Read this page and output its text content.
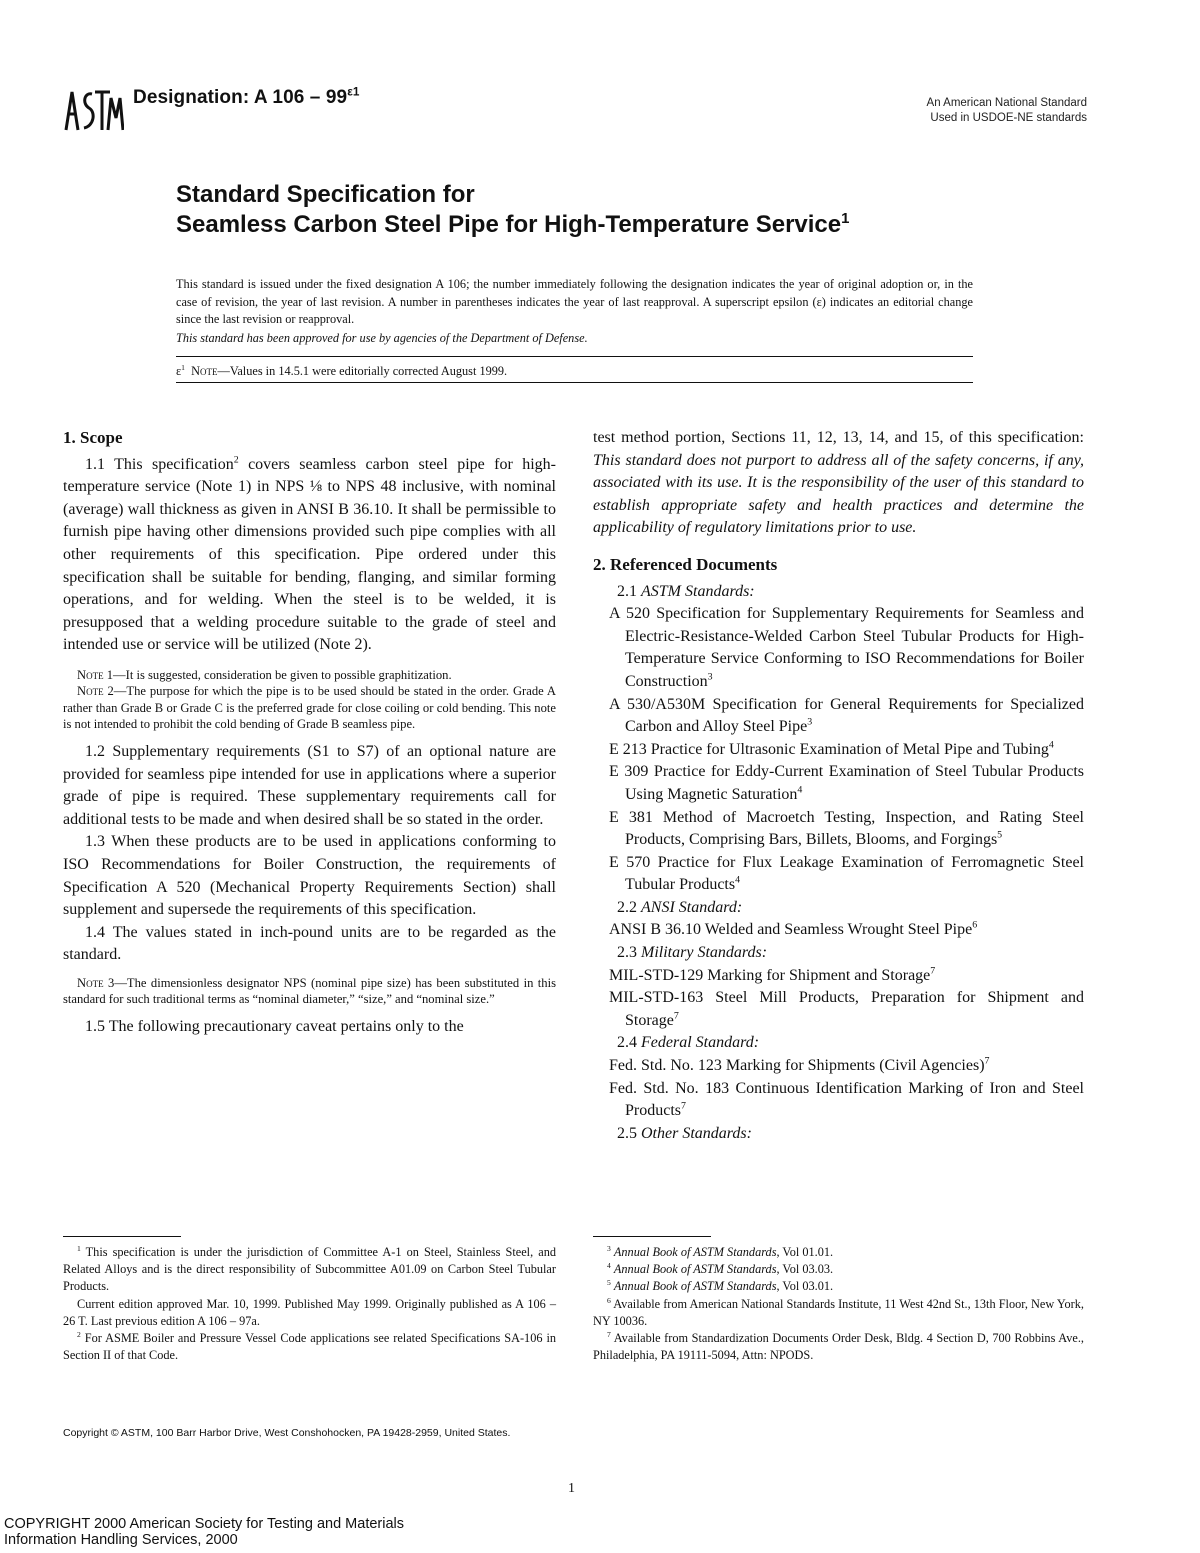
Designation: A $106 - 99^{\varepsilon 1}$
An American National Standard
Used in USDOE-NE standards
Standard Specification for
Seamless Carbon Steel Pipe for High-Temperature Service$^1$

This standard is issued under the fixed designation A 106; the number immediately following the designation indicates the year of original adoption or, in the case of revision, the year of last revision. A number in parentheses indicates the year of last reapproval. A superscript epsilon (ε) indicates an editorial change since the last revision or reapproval.

This standard has been approved for use by agencies of the Department of Defense.
$\varepsilon^1$ Note—Values in 14.5.1 were editorially corrected August 1999.

1. Scope

1.1 This specification$^2$ covers seamless carbon steel pipe for high-temperature service (Note 1) in NPS ⅛ to NPS 48 inclusive, with nominal (average) wall thickness as given in ANSI B 36.10. It shall be permissible to furnish pipe having other dimensions provided such pipe complies with all other requirements of this specification. Pipe ordered under this specification shall be suitable for bending, flanging, and similar forming operations, and for welding. When the steel is to be welded, it is presupposed that a welding procedure suitable to the grade of steel and intended use or service will be utilized (Note 2).

Note 1—It is suggested, consideration be given to possible graphitization.

Note 2—The purpose for which the pipe is to be used should be stated in the order. Grade A rather than Grade B or Grade C is the preferred grade for close coiling or cold bending. This note is not intended to prohibit the cold bending of Grade B seamless pipe.

1.2 Supplementary requirements (S1 to S7) of an optional nature are provided for seamless pipe intended for use in applications where a superior grade of pipe is required. These supplementary requirements call for additional tests to be made and when desired shall be so stated in the order.

1.3 When these products are to be used in applications conforming to ISO Recommendations for Boiler Construction, the requirements of Specification A 520 (Mechanical Property Requirements Section) shall supplement and supersede the requirements of this specification.

1.4 The values stated in inch-pound units are to be regarded as the standard.

Note 3—The dimensionless designator NPS (nominal pipe size) has been substituted in this standard for such traditional terms as “nominal diameter,” “size,” and “nominal size.”

1.5 The following precautionary caveat pertains only to the

$^1$ This specification is under the jurisdiction of Committee A-1 on Steel, Stainless Steel, and Related Alloys and is the direct responsibility of Subcommittee A01.09 on Carbon Steel Tubular Products.

Current edition approved Mar. 10, 1999. Published May 1999. Originally published as A 106 – 26 T. Last previous edition A 106 – 97a.

$^2$ For ASME Boiler and Pressure Vessel Code applications see related Specifications SA-106 in Section II of that Code.

test method portion, Sections 11, 12, 13, 14, and 15, of this specification: This standard does not purport to address all of the safety concerns, if any, associated with its use. It is the responsibility of the user of this standard to establish appropriate safety and health practices and determine the applicability of regulatory limitations prior to use.

2. Referenced Documents

2.1 ASTM Standards:

A 520 Specification for Supplementary Requirements for Seamless and Electric-Resistance-Welded Carbon Steel Tubular Products for High-Temperature Service Conforming to ISO Recommendations for Boiler Construction$^3$

A 530/A530M Specification for General Requirements for Specialized Carbon and Alloy Steel Pipe$^3$

E 213 Practice for Ultrasonic Examination of Metal Pipe and Tubing$^4$

E 309 Practice for Eddy-Current Examination of Steel Tubular Products Using Magnetic Saturation$^4$

E 381 Method of Macroetch Testing, Inspection, and Rating Steel Products, Comprising Bars, Billets, Blooms, and Forgings$^5$

E 570 Practice for Flux Leakage Examination of Ferromagnetic Steel Tubular Products$^4$

2.2 ANSI Standard:

ANSI B 36.10 Welded and Seamless Wrought Steel Pipe$^6$

2.3 Military Standards:

MIL-STD-129 Marking for Shipment and Storage$^7$

MIL-STD-163 Steel Mill Products, Preparation for Shipment and Storage$^7$

2.4 Federal Standard:

Fed. Std. No. 123 Marking for Shipments (Civil Agencies)$^7$

Fed. Std. No. 183 Continuous Identification Marking of Iron and Steel Products$^7$

2.5 Other Standards:

$^3$ Annual Book of ASTM Standards, Vol 01.01.

$^4$ Annual Book of ASTM Standards, Vol 03.03.

$^5$ Annual Book of ASTM Standards, Vol 03.01.

$^6$ Available from American National Standards Institute, 11 West 42nd St., 13th Floor, New York, NY 10036.

$^7$ Available from Standardization Documents Order Desk, Bldg. 4 Section D, 700 Robbins Ave., Philadelphia, PA 19111-5094, Attn: NPODS.

Copyright © ASTM, 100 Barr Harbor Drive, West Conshohocken, PA 19428-2959, United States.
1
COPYRIGHT 2000 American Society for Testing and Materials
Information Handling Services, 2000
